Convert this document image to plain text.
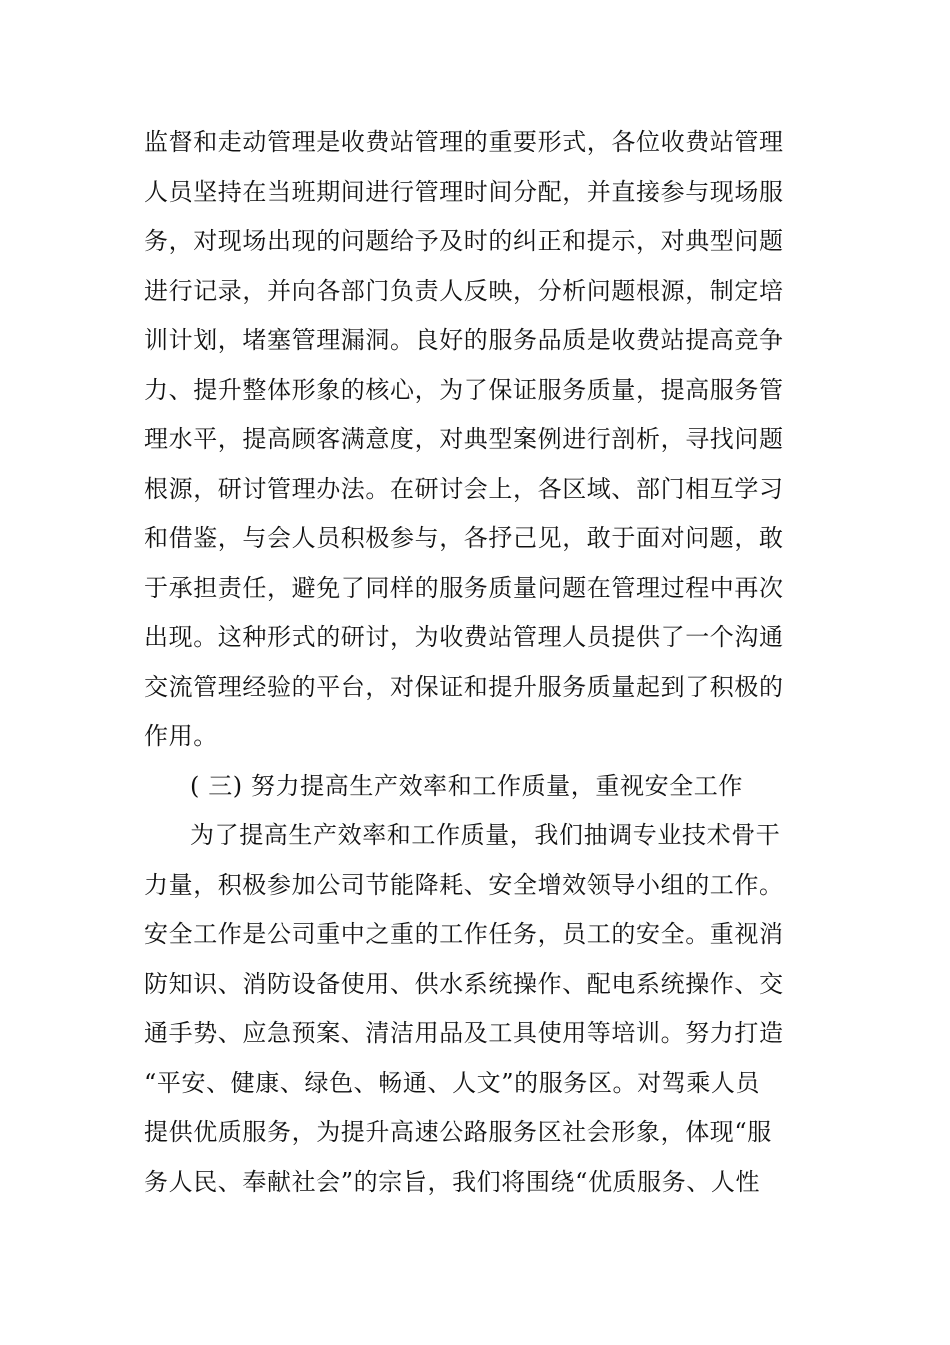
监督和走动管理是收费站管理的重要形式，各位收费站管理
人员坚持在当班期间进行管理时间分配，并直接参与现场服
务，对现场出现的问题给予及时的纠正和提示，对典型问题
进行记录，并向各部门负责人反映，分析问题根源，制定培
训计划，堵塞管理漏洞。良好的服务品质是收费站提高竞争
力、提升整体形象的核心，为了保证服务质量，提高服务管
理水平，提高顾客满意度，对典型案例进行剖析，寻找问题
根源，研讨管理办法。在研讨会上，各区域、部门相互学习
和借鉴，与会人员积极参与，各抒己见，敢于面对问题，敢
于承担责任，避免了同样的服务质量问题在管理过程中再次
出现。这种形式的研讨，为收费站管理人员提供了一个沟通
交流管理经验的平台，对保证和提升服务质量起到了积极的
作用。
( 三) 努力提高生产效率和工作质量，重视安全工作
为了提高生产效率和工作质量，我们抽调专业技术骨干
力量，积极参加公司节能降耗、安全增效领导小组的工作。
安全工作是公司重中之重的工作任务，员工的安全。重视消
防知识、消防设备使用、供水系统操作、配电系统操作、交
通手势、应急预案、清洁用品及工具使用等培训。努力打造
“平安、健康、绿色、畅通、人文”的服务区。对驾乘人员
提供优质服务，为提升高速公路服务区社会形象，体现“服
务人民、奉献社会”的宗旨，我们将围绕“优质服务、人性
